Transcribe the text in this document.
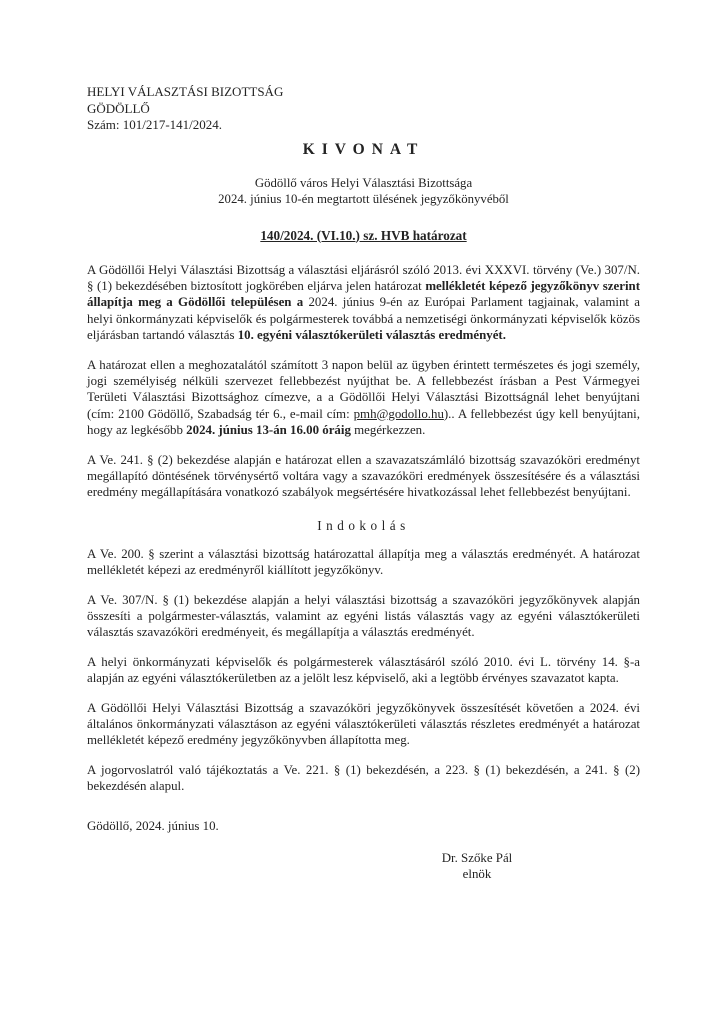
HELYI VÁLASZTÁSI BIZOTTSÁG
GÖDÖLLŐ
Szám: 101/217-141/2024.
KIVONAT
Gödöllő város Helyi Választási Bizottsága
2024. június 10-én megtartott ülésének jegyzőkönyvéből
140/2024. (VI.10.) sz. HVB határozat

A Gödöllői Helyi Választási Bizottság a választási eljárásról szóló 2013. évi XXXVI. törvény (Ve.) 307/N. § (1) bekezdésében biztosított jogkörében eljárva jelen határozat mellékletét képező jegyzőkönyv szerint állapítja meg a Gödöllői településen a 2024. június 9-én az Európai Parlament tagjainak, valamint a helyi önkormányzati képviselők és polgármesterek továbbá a nemzetiségi önkormányzati képviselők közös eljárásban tartandó választás 10. egyéni választókerületi választás eredményét.

A határozat ellen a meghozatalától számított 3 napon belül az ügyben érintett természetes és jogi személy, jogi személyiség nélküli szervezet fellebbezést nyújthat be. A fellebbezést írásban a Pest Vármegyei Területi Választási Bizottsághoz címezve, a a Gödöllői Helyi Választási Bizottságnál lehet benyújtani (cím: 2100 Gödöllő, Szabadság tér 6., e-mail cím: pmh@godollo.hu).. A fellebbezést úgy kell benyújtani, hogy az legkésőbb 2024. június 13-án 16.00 óráig megérkezzen.

A Ve. 241. § (2) bekezdése alapján e határozat ellen a szavazatszámláló bizottság szavazóköri eredményt megállapító döntésének törvénysértő voltára vagy a szavazóköri eredmények összesítésére és a választási eredmény megállapítására vonatkozó szabályok megsértésére hivatkozással lehet fellebbezést benyújtani.

Indokolás

A Ve. 200. § szerint a választási bizottság határozattal állapítja meg a választás eredményét. A határozat mellékletét képezi az eredményről kiállított jegyzőkönyv.

A Ve. 307/N. § (1) bekezdése alapján a helyi választási bizottság a szavazóköri jegyzőkönyvek alapján összesíti a polgármester-választás, valamint az egyéni listás választás vagy az egyéni választókerületi választás szavazóköri eredményeit, és megállapítja a választás eredményét.

A helyi önkormányzati képviselők és polgármesterek választásáról szóló 2010. évi L. törvény 14. §-a alapján az egyéni választókerületben az a jelölt lesz képviselő, aki a legtöbb érvényes szavazatot kapta.

A Gödöllői Helyi Választási Bizottság a szavazóköri jegyzőkönyvek összesítését követően a 2024. évi általános önkormányzati választáson az egyéni választókerületi választás részletes eredményét a határozat mellékletét képező eredmény jegyzőkönyvben állapította meg.

A jogorvoslatról való tájékoztatás a Ve. 221. § (1) bekezdésén, a 223. § (1) bekezdésén, a 241. § (2) bekezdésén alapul.

Gödöllő, 2024. június 10.
Dr. Szőke Pál
elnök
